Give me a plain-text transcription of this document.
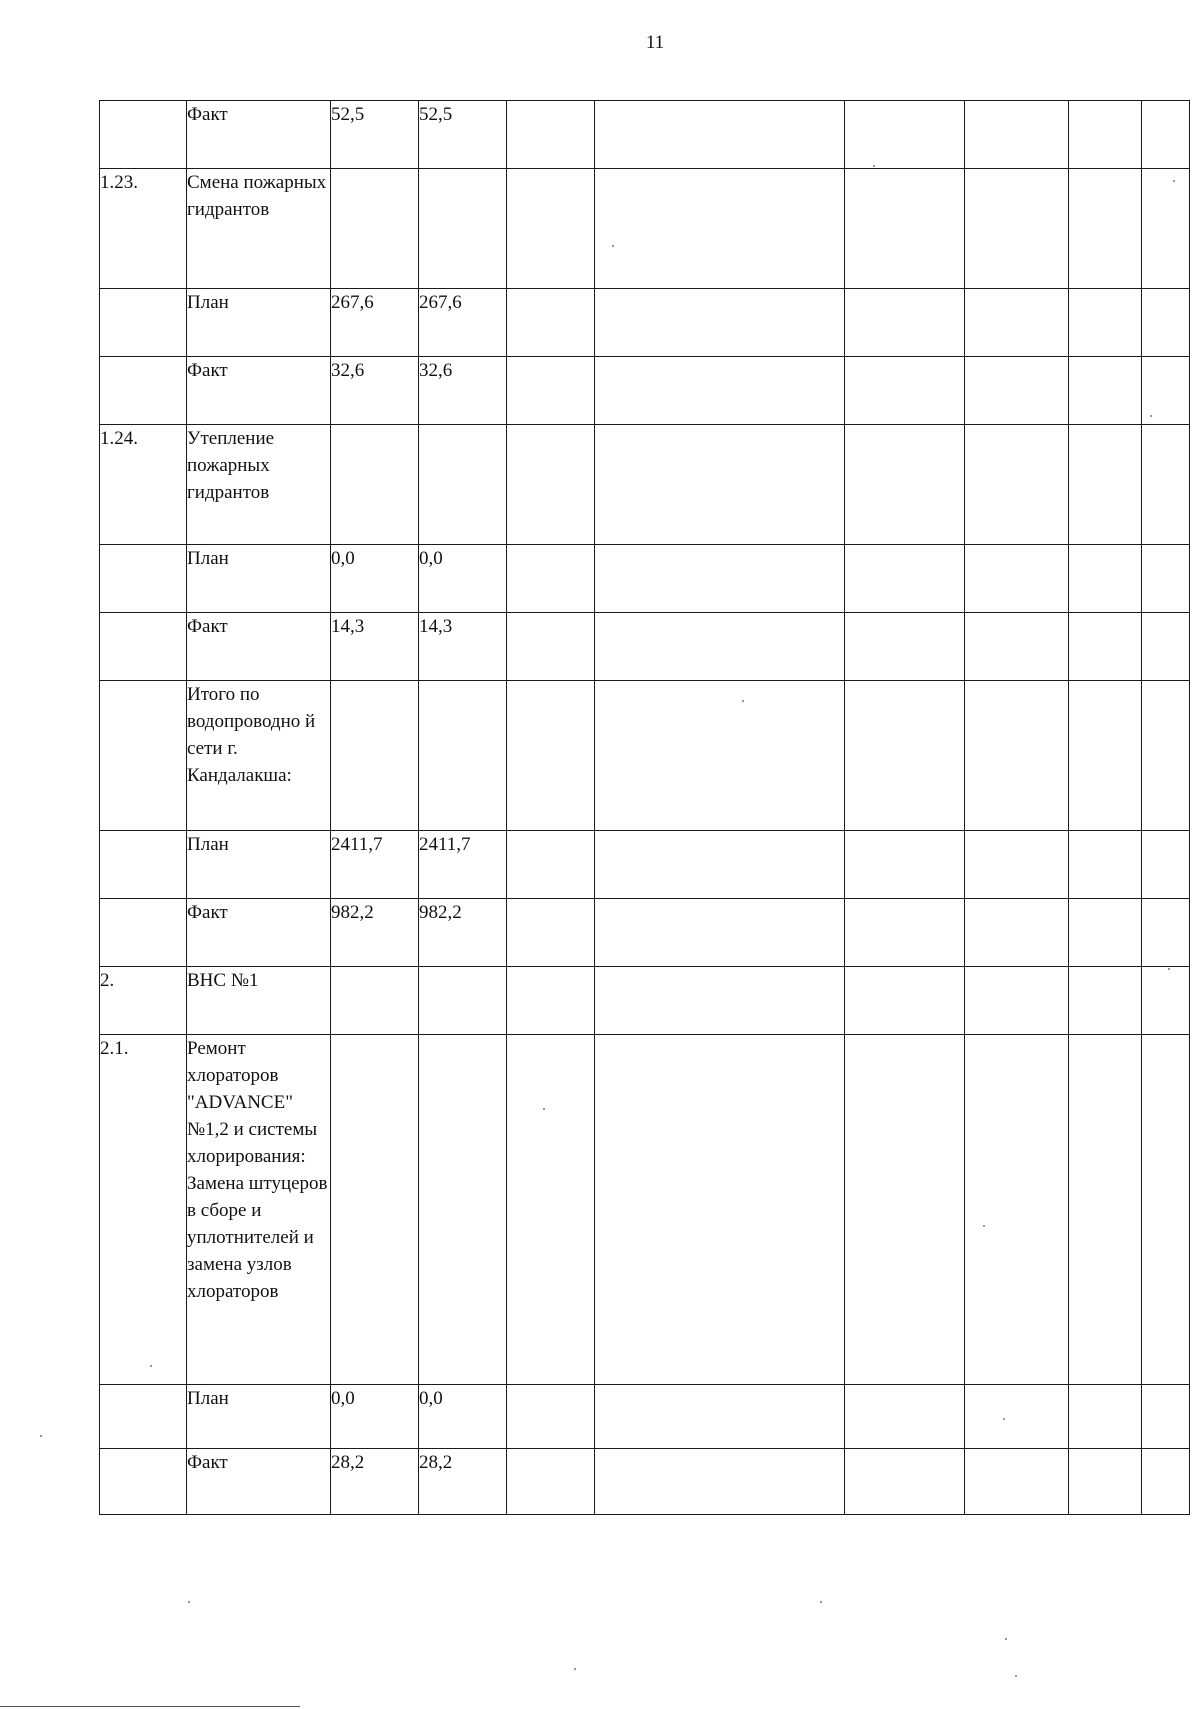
11

	Факт	52,5	52,5						

1.23.	Смена пожарных гидрантов								

	План	267,6	267,6						

	Факт	32,6	32,6						

1.24.	Утепление пожарных гидрантов								

	План	0,0	0,0						

	Факт	14,3	14,3						

	Итого по водопроводно й сети г. Кандалакша:								

	План	2411,7	2411,7						

	Факт	982,2	982,2						

2.	ВНС №1								

2.1.	Ремонт хлораторов "ADVANCE" №1,2 и системы хлорирования: Замена штуцеров в сборе и уплотнителей и замена узлов хлораторов								

	План	0,0	0,0						

	Факт	28,2	28,2						
